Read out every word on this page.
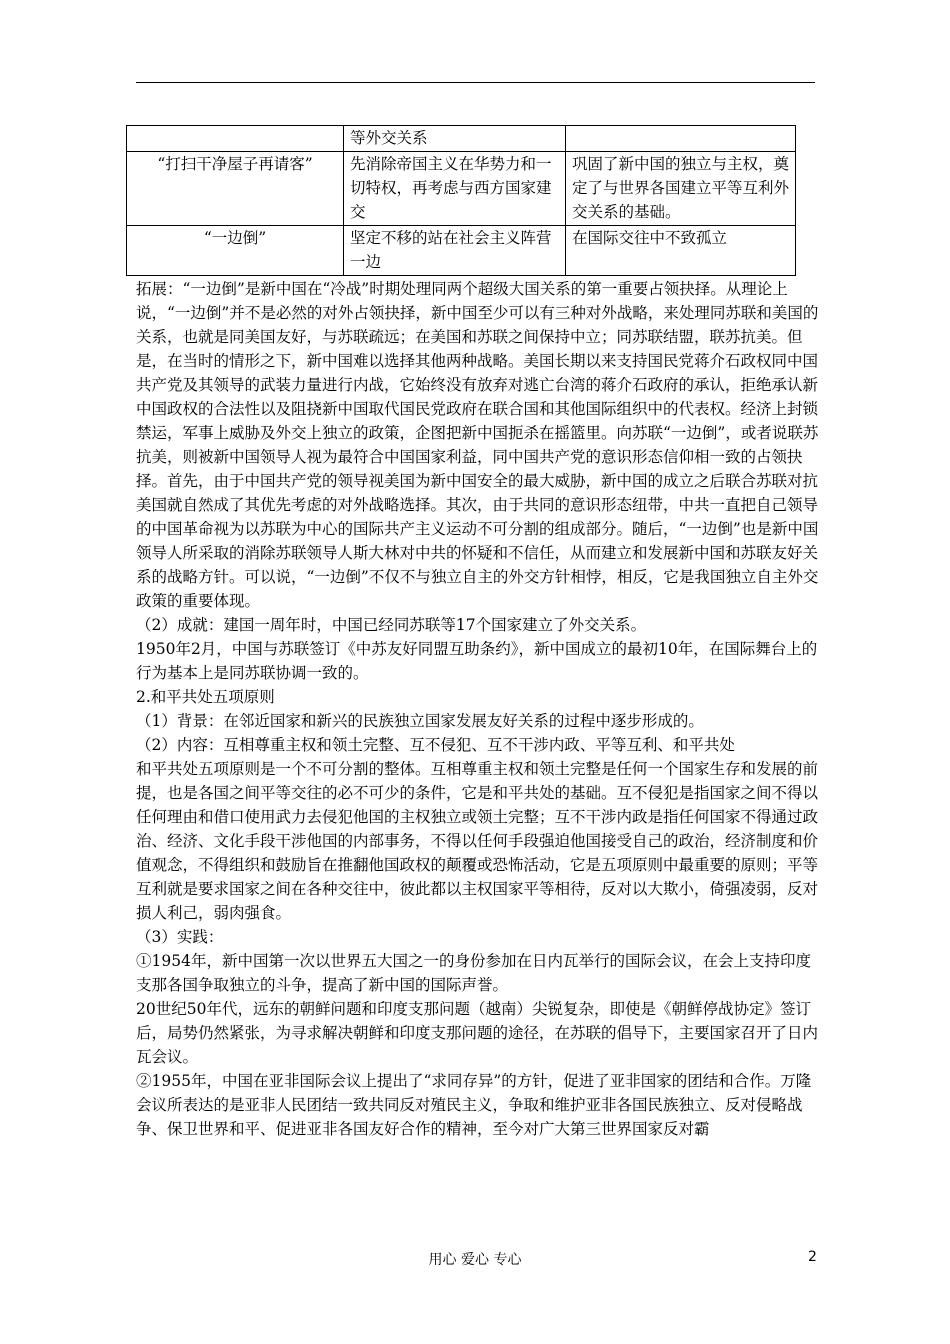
	等外交关系	
“打扫干净屋子再请客”	先消除帝国主义在华势力和一切特权，再考虑与西方国家建交	巩固了新中国的独立与主权，奠定了与世界各国建立平等互利外交关系的基础。
“一边倒”	坚定不移的站在社会主义阵营一边	在国际交往中不致孤立

拓展：“一边倒”是新中国在“冷战”时期处理同两个超级大国关系的第一重要占领抉择。从理论上说，“一边倒”并不是必然的对外占领抉择，新中国至少可以有三种对外战略，来处理同苏联和美国的关系，也就是同美国友好，与苏联疏远；在美国和苏联之间保持中立；同苏联结盟，联苏抗美。但是，在当时的情形之下，新中国难以选择其他两种战略。美国长期以来支持国民党蒋介石政权同中国共产党及其领导的武装力量进行内战，它始终没有放弃对逃亡台湾的蒋介石政府的承认，拒绝承认新中国政权的合法性以及阻挠新中国取代国民党政府在联合国和其他国际组织中的代表权。经济上封锁禁运，军事上威胁及外交上独立的政策，企图把新中国扼杀在摇篮里。向苏联“一边倒”，或者说联苏抗美，则被新中国领导人视为最符合中国国家利益，同中国共产党的意识形态信仰相一致的占领抉择。首先，由于中国共产党的领导视美国为新中国安全的最大威胁，新中国的成立之后联合苏联对抗美国就自然成了其优先考虑的对外战略选择。其次，由于共同的意识形态纽带，中共一直把自己领导的中国革命视为以苏联为中心的国际共产主义运动不可分割的组成部分。随后，“一边倒”也是新中国领导人所采取的消除苏联领导人斯大林对中共的怀疑和不信任，从而建立和发展新中国和苏联友好关系的战略方针。可以说，“一边倒”不仅不与独立自主的外交方针相悖，相反，它是我国独立自主外交政策的重要体现。

（2）成就：建国一周年时，中国已经同苏联等17个国家建立了外交关系。

1950年2月，中国与苏联签订《中苏友好同盟互助条约》，新中国成立的最初10年，在国际舞台上的行为基本上是同苏联协调一致的。

2.和平共处五项原则

（1）背景：在邻近国家和新兴的民族独立国家发展友好关系的过程中逐步形成的。

（2）内容：互相尊重主权和领土完整、互不侵犯、互不干涉内政、平等互利、和平共处

和平共处五项原则是一个不可分割的整体。互相尊重主权和领土完整是任何一个国家生存和发展的前提，也是各国之间平等交往的必不可少的条件，它是和平共处的基础。互不侵犯是指国家之间不得以任何理由和借口使用武力去侵犯他国的主权独立或领土完整；互不干涉内政是指任何国家不得通过政治、经济、文化手段干涉他国的内部事务，不得以任何手段强迫他国接受自己的政治，经济制度和价值观念，不得组织和鼓励旨在推翻他国政权的颠覆或恐怖活动，它是五项原则中最重要的原则；平等互利就是要求国家之间在各种交往中，彼此都以主权国家平等相待，反对以大欺小，倚强凌弱，反对损人利己，弱肉强食。

（3）实践：

①1954年，新中国第一次以世界五大国之一的身份参加在日内瓦举行的国际会议，在会上支持印度支那各国争取独立的斗争，提高了新中国的国际声誉。

20世纪50年代，远东的朝鲜问题和印度支那问题（越南）尖锐复杂，即使是《朝鲜停战协定》签订后，局势仍然紧张，为寻求解决朝鲜和印度支那问题的途径，在苏联的倡导下，主要国家召开了日内瓦会议。

②1955年，中国在亚非国际会议上提出了“求同存异”的方针，促进了亚非国家的团结和合作。万隆会议所表达的是亚非人民团结一致共同反对殖民主义，争取和维护亚非各国民族独立、反对侵略战争、保卫世界和平、促进亚非各国友好合作的精神，至今对广大第三世界国家反对霸

用心 爱心 专心	2
